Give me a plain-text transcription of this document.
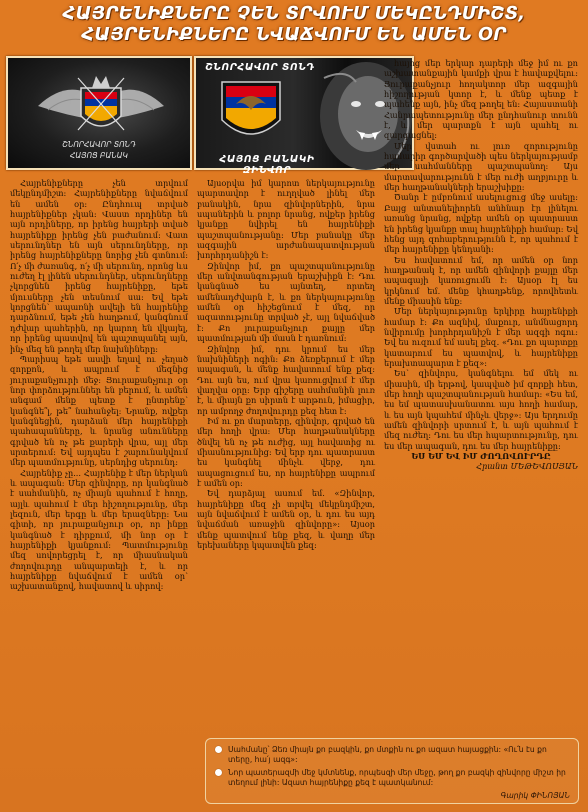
ՀԱՅՐԵՆԻՔՆԵՐԸ ՉԵՆ ՏՐՎՈՒՄ ՄԵԿԸՆԴՄԻՇՏ,
ՀԱՅՐԵՆԻՔՆԵՐԸ ՆՎԱՃՎՈՒՄ ԵՆ ԱՄԵՆ ՕՐ
ՇՆՈՐՀԱՎՈՐ ՏՈՆԴ
ՀԱՅՈՑ ԲԱՆԱԿ
ՇՆՈՐՀԱՎՈՐ ՏՈՆԴ
ՀԱՅՈՑ ԲԱՆԱԿԻ ԶԻՆՎՈՐ

Հայրենիքները չեն տրվում մեկընդմիշտ: Հայրենիքները նվաճվում են ամեն օր: Ընդհուպ տրված հայրենիքներ չկան: Վաստ որդիներ են այն որդիները, որ իրենց հայրերի տված հայրենիքը իրենց չեն բաժանում: Վատ սերունդներ են այն սերունդները, որ իրենց հայրենիքները նորից չեն գտնում: Ո՛չ մի ժառանգ, ո՛չ մի սերունդ, որոնց ևս ուժեղ էլ լինեն սերունդներ, սերունդները չկորցնեն իրենց հայրենիքը, եթե մյուսները չեն տեսնում սա: Եվ եթե կորցնեն՝ ապառնի ավելի են հայրենիք դարձնում, եթե չեն հաղթում, կանգնում դժվար պահերին, որ կարող են վկայել, որ իրենց պատվով են պաշտպանել այն, ինչ մեզ են թողել մեր նախնիները:

Պարիսպ եթե ասվի եղավ ու չեղած զորքոն, և ապրում է մեզնից յուրաքանչյուրի մեջ: Յուրաքանչյուր օր նոր փորձություններ են բերում, և ամեն անգամ մենք պետք է ընտրենք՝ կանգնե՞լ, թե՞ նահանջել: Նրանք, ովքեր կանգնեցին, դարձան մեր հայրենիքի պահապանները, և նրանց անունները գրված են ոչ թե քարերի վրա, այլ մեր սրտերում: Եվ այդպես է շարունակվում մեր պատմությունը, սերնդից սերունդ:

Հայրենիք չը... Հայրենիք է մեր ներկան և ապագան: Մեր զինվորը, որ կանգնած է սահմանին, ոչ միայն պահում է հողը, այլև պահում է մեր հիշողությունը, մեր լեզուն, մեր երգը և մեր երազները: Նա գիտի, որ յուրաքանչյուր օր, որ ինքը կանգնած է դիրքում, մի նոր օր է հայրենիքի կյանքում: Պատմությունը մեզ սովորեցրել է, որ միասնական ժողովուրդը անպարտելի է, և որ հայրենիքը նվաճվում է ամեն օր՝ աշխատանքով, հավատով և սիրով:

Այսօրվա իմ կարոտ ներկայությունը պարտավոր է ուղղված լինել մեր բանակին, նրա զինվորներին, նրա սպաներին և բոլոր նրանց, ովքեր իրենց կյանքը նվիրել են հայրենիքի պաշտպանությանը: Մեր բանակը մեր ազգային արժանապատվության խորհրդանիշն է:

Զինվոր իմ, քո պաշտպանությունը մեր անվտանգության երաշխիքն է: Դու կանգնած ես այնտեղ, որտեղ ամենադժվարն է, և քո ներկայությունը ամեն օր հիշեցնում է մեզ, որ ազատությունը տրված չէ, այլ նվաճված է: Քո յուրաքանչյուր քայլը մեր պատմության մի մասն է դառնում:

Զինվոր իմ, դու կրում ես մեր նախնիների ոգին: Քո ձեռքերում է մեր ապագան, և մենք հավատում ենք քեզ: Դու այն ես, ում վրա կառուցվում է մեր վաղվա օրը: Երբ գիշերը սահմանին լուռ է, և միայն քո սիրտն է արթուն, իմացիր, որ ամբողջ ժողովուրդը քեզ հետ է:

Իմ ու քո մարտերը, զինվոր, գրված են մեր հողի վրա: Մեր հաղթանակները ծնվել են ոչ թե ուժից, այլ հավատից ու միասնությունից: Եվ երբ դու պատրաստ ես կանգնել մինչև վերջ, դու ապացուցում ես, որ հայրենիքը ապրում է ամեն օր:

Եվ դարձյալ ասում եմ. «Զինվոր, հայրենիքը մեզ չի տրվել մեկընդմիշտ, այն նվաճվում է ամեն օր, և դու ես այդ նվաճման առաջին զինվորը»: Այսօր մենք պատվում ենք քեզ, և վաղը մեր երեխաները կպատվեն քեզ:

հայոց մեր երկար դարերի մեջ իմ ու քո աշխատանքային կամքի վրա է հավաքվելու: Յուրաքանչյուր հողակտոր մեր ազգային հիշողության կտոր է, և մենք պետք է պահենք այն, ինչ մեզ թողել են: Հայաստանի Հանրապետությունը մեր ընդհանուր տունն է, և մեր պարտքն է այն պահել ու զարգացնել:

Մեր վստահ ու լուռ զորությունը համարիր գործարվածի պես ներկայությամբ մեր սահմանները պաշտպանող: Այս մարտավարությունն է մեր ուժի աղբյուրը և մեր հաղթանակների երաշխիքը:

Ծանր է ըմբռնում ասելուցուց մեջ ասելը: Բայց անտանելիորեն անհնար էր լինելու առանց նրանց, ովքեր ամեն օր պատրաստ են իրենց կյանքը տալ հայրենիքի համար: Եվ հենց այդ զոհաբերությունն է, որ պահում է մեր հայրենիքը կենդանի:

Ես հավատում եմ, որ ամեն օր նոր հաղթանակ է, որ ամեն զինվորի քայլը մեր ապագայի կառուցումն է: Այսօր էլ ես կրկնում եմ. մենք կհաղթենք, որովհետև մենք միասին ենք:

Մեր ներկայությունը երկիրը հայրենիքի համար է: Քո ազնիվ, մաքուր, անմնացորդ նվիրումը խորհրդանիշն է մեր ազգի ոգու: Եվ ես ուզում եմ ասել քեզ. «Դու քո պարտքը կատարում ես պատվով, և հայրենիքը երախտապարտ է քեզ»:

Ես՝ զինվորս, կանգնելու եմ մեկ ու միասին, մի երթով, կապված իմ զորքի հետ, մեր հողի պաշտպանության համար: «Ես եմ, ես եմ պատասխանատու այս հողի համար, և ես այն կպահեմ մինչև վերջ»: Այս երդումը ամեն զինվորի սրտում է, և այն պահում է մեզ ուժեղ: Դու ես մեր հպարտությունը, դու ես մեր ապագան, դու ես մեր հայրենիքը:

ԵՍ ԵՄ ԵՎ ԻՄ ԺՈՂՈՎՈՒՐԴԸ

Հրանտ ՄԵԹԵՎՈՍՅԱՆ

Սահմանը՝ Ձեռ միայն քո բազկին, քո մտքին ու քո ազատ հայացքին: «Ու՛ն էս քո տերը, հա՛յ ազգ»:
Նոր պատերազմի մեջ կմտնենք, որպեսզի մեր մեջը, թող քո բազկի զինվորը միշտ իր տեղում լինի: Ազատ հայրենիքը քեզ է պատկանում:
Գարիկ ՓԻՆՈՅԱՆ
